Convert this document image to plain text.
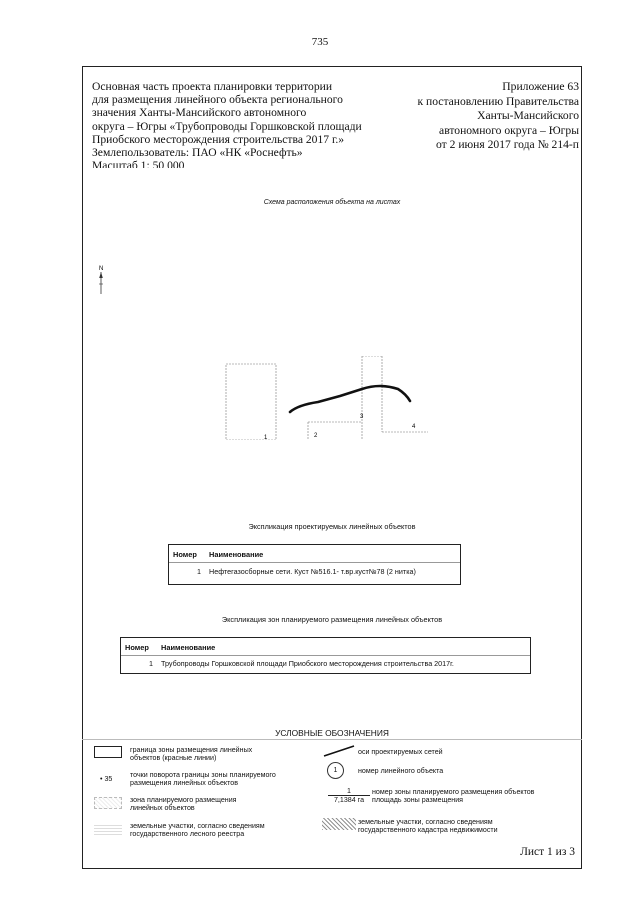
735
Основная часть проекта планировки территории
для размещения линейного объекта регионального
значения Ханты-Мансийского автономного
округа – Югры «Трубопроводы Горшковской площади
Приобского месторождения строительства 2017 г.»
Землепользователь: ПАО «НК «Роснефть»
Масштаб 1: 50 000
Приложение 63
к постановлению Правительства
Ханты-Мансийского
автономного округа – Югры
от 2 июня 2017 года № 214-п
Схема расположения объекта на листах
N
1	2
3
4
Экспликация проектируемых линейных объектов
Номер Наименование
1 Нефтегазосборные сети. Куст №516.1- т.вр.куст№78 (2 нитка)
Экспликация зон планируемого размещения линейных объектов
Номер Наименование
1 Трубопроводы Горшковской площади Приобского месторождения строительства 2017г.
УСЛОВНЫЕ ОБОЗНАЧЕНИЯ
граница зоны размещения линейных
объектов (красные линии)
• 35 точки поворота границы зоны планируемого
размещения линейных объектов
зона планируемого размещения
линейных объектов
земельные участки, согласно сведениям
государственного лесного реестра
оси проектируемых сетей
1	номер линейного объекта
1
7,1384 га
номер зоны планируемого размещения объектов
площадь зоны размещения
земельные участки, согласно сведениям
государственного кадастра недвижимости
Лист 1 из 3
